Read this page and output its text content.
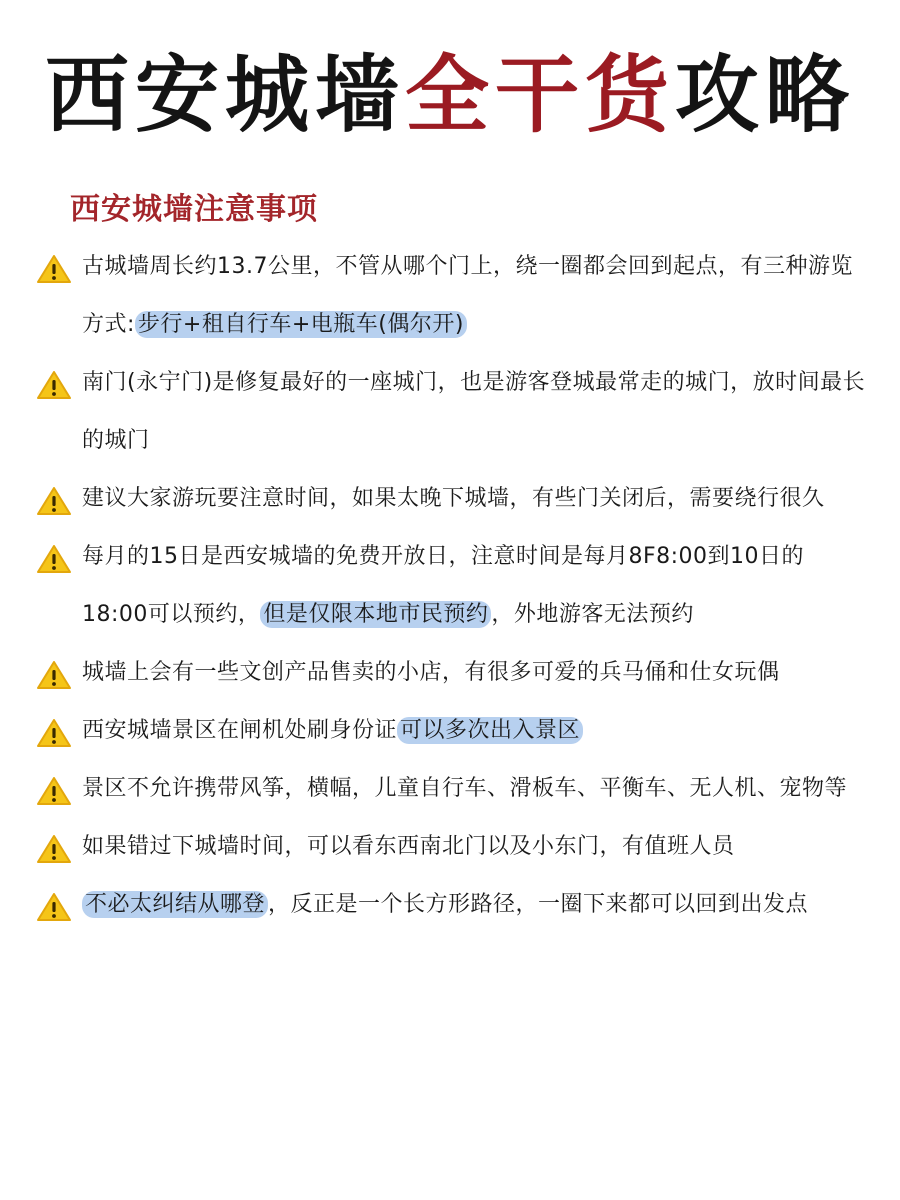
西安城墙全干货攻略
西安城墙注意事项
古城墙周长约13.7公里，不管从哪个门上，绕一圈都会回到起点，有三种游览方式: 步行+租自行车+电瓶车(偶尔开)
南门(永宁门)是修复最好的一座城门，也是游客登城最常走的城门，放时间最长的城门
建议大家游玩要注意时间，如果太晚下城墙，有些门关闭后，需要绕行很久
每月的15日是西安城墙的免费开放日，注意时间是每月8F8:00到10日的18:00可以预约， 但是仅限本地市民预约 ，外地游客无法预约
城墙上会有一些文创产品售卖的小店，有很多可爱的兵马俑和仕女玩偶
西安城墙景区在闸机处刷身份证 可以多次出入景区
景区不允许携带风筝，横幅，儿童自行车、滑板车、平衡车、无人机、宠物等
如果错过下城墙时间，可以看东西南北门以及小东门，有值班人员
不必太纠结从哪登 ，反正是一个长方形路径，一圈下来都可以回到出发点
